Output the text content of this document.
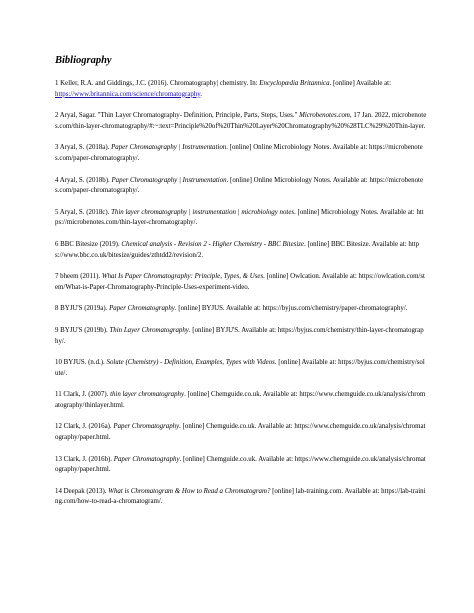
Bibliography

1 Keller, R.A. and Giddings, J.C. (2016). Chromatography| chemistry. In: Encyclopædia Britannica. [online] Available at: https://www.britannica.com/science/chromatography.

2 Aryal, Sagar. "Thin Layer Chromatography- Definition, Principle, Parts, Steps, Uses." Microbenotes.com, 17 Jan. 2022, microbenotes.com/thin-layer-chromatography/#:~:text=Principle%20of%20Thin%20Layer%20Chromatography%20%28TLC%29%20Thin-layer.

3 Aryal, S. (2018a). Paper Chromatography | Instrumentation. [online] Online Microbiology Notes. Available at: https://microbenotes.com/paper-chromatography/.

4 Aryal, S. (2018b). Paper Chromatography | Instrumentation. [online] Online Microbiology Notes. Available at: https://microbenotes.com/paper-chromatography/.

5 Aryal, S. (2018c). Thin layer chromatography | instrumentation | microbiology notes. [online] Microbiology Notes. Available at: https://microbenotes.com/thin-layer-chromatography/.

6 BBC Bitesize (2019). Chemical analysis - Revision 2 - Higher Chemistry - BBC Bitesize. [online] BBC Bitesize. Available at: https://www.bbc.co.uk/bitesize/guides/zthtdd2/revision/2.

7 bheem (2011). What Is Paper Chromatography: Principle, Types, & Uses. [online] Owlcation. Available at: https://owlcation.com/stem/What-is-Paper-Chromatography-Principle-Uses-experiment-video.

8 BYJU'S (2019a). Paper Chromatography. [online] BYJUS. Available at: https://byjus.com/chemistry/paper-chromatography/.

9 BYJU'S (2019b). Thin Layer Chromatography. [online] BYJU'S. Available at: https://byjus.com/chemistry/thin-layer-chromatography/.

10 BYJUS. (n.d.). Solute (Chemistry) - Definition, Examples, Types with Videos. [online] Available at: https://byjus.com/chemistry/solute/.

11 Clark, J. (2007). thin layer chromatography. [online] Chemguide.co.uk. Available at: https://www.chemguide.co.uk/analysis/chromatography/thinlayer.html.

12 Clark, J. (2016a). Paper Chromatography. [online] Chemguide.co.uk. Available at: https://www.chemguide.co.uk/analysis/chromatography/paper.html.

13 Clark, J. (2016b). Paper Chromatography. [online] Chemguide.co.uk. Available at: https://www.chemguide.co.uk/analysis/chromatography/paper.html.

14 Deepak (2013). What is Chromatogram & How to Read a Chromatogram? [online] lab-training.com. Available at: https://lab-training.com/how-to-read-a-chromatogram/.
